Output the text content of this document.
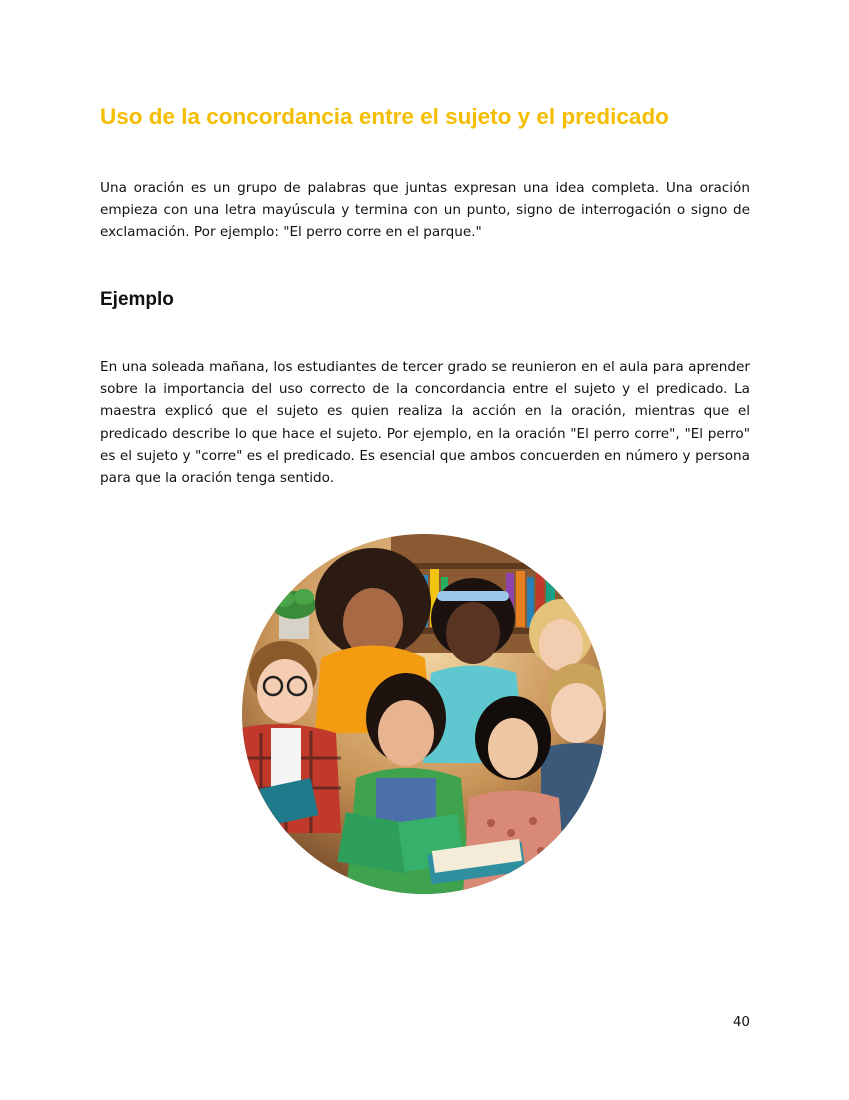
Uso de la concordancia entre el sujeto y el predicado

Una oración es un grupo de palabras que juntas expresan una idea completa. Una oración empieza con una letra mayúscula y termina con un punto, signo de interrogación o signo de exclamación. Por ejemplo: "El perro corre en el parque."

Ejemplo

En una soleada mañana, los estudiantes de tercer grado se reunieron en el aula para aprender sobre la importancia del uso correcto de la concordancia entre el sujeto y el predicado. La maestra explicó que el sujeto es quien realiza la acción en la oración, mientras que el predicado describe lo que hace el sujeto. Por ejemplo, en la oración "El perro corre", "El perro" es el sujeto y "corre" es el predicado. Es esencial que ambos concuerden en número y persona para que la oración tenga sentido.

40
